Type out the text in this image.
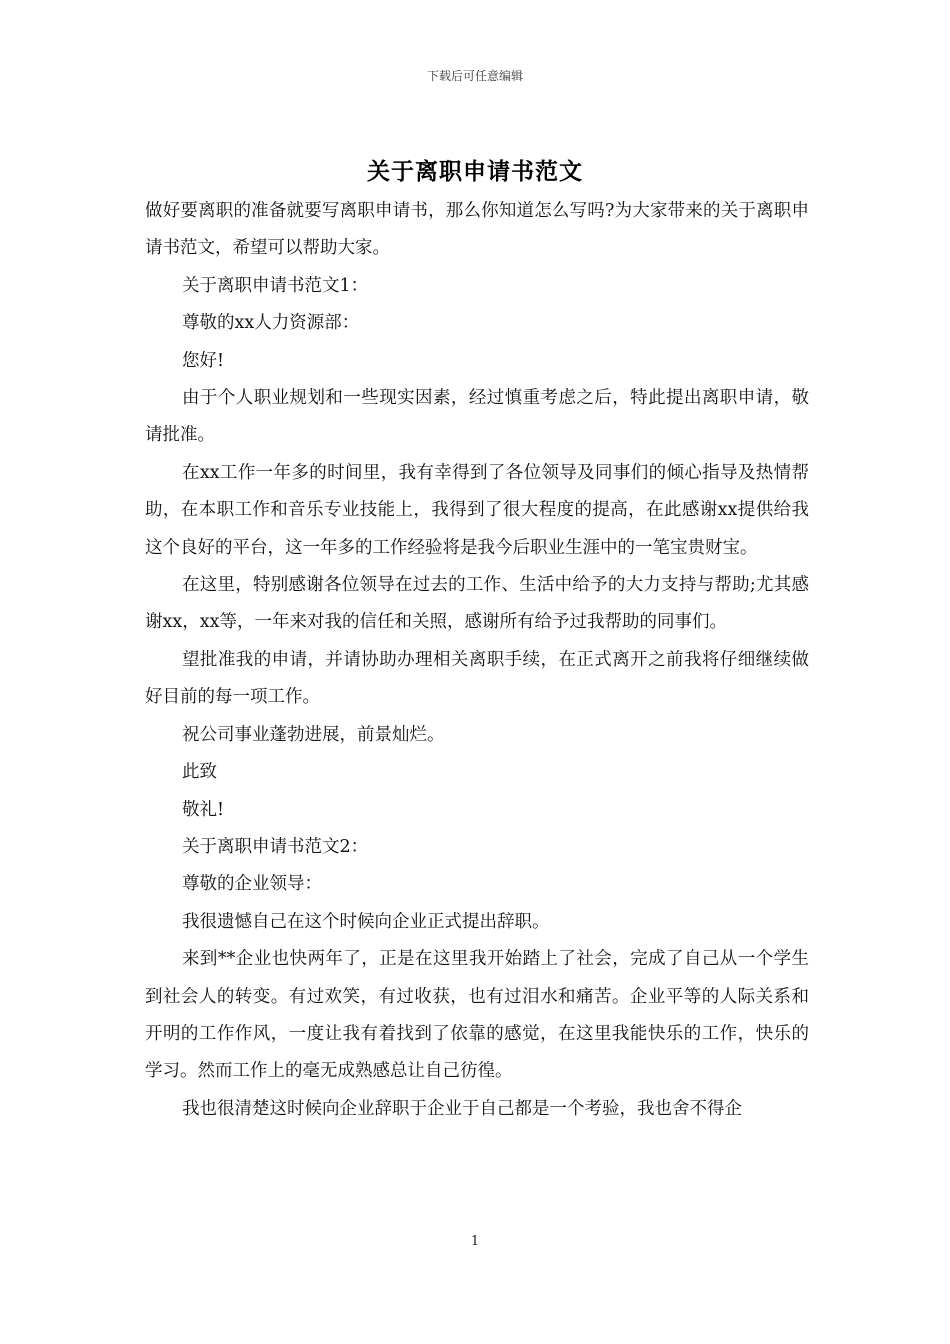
下载后可任意编辑
关于离职申请书范文

做好要离职的准备就要写离职申请书，那么你知道怎么写吗?为大家带来的关于离职申请书范文，希望可以帮助大家。

关于离职申请书范文1：

尊敬的xx人力资源部：

您好!

由于个人职业规划和一些现实因素，经过慎重考虑之后，特此提出离职申请，敬请批准。

在xx工作一年多的时间里，我有幸得到了各位领导及同事们的倾心指导及热情帮助，在本职工作和音乐专业技能上，我得到了很大程度的提高，在此感谢xx提供给我这个良好的平台，这一年多的工作经验将是我今后职业生涯中的一笔宝贵财宝。

在这里，特别感谢各位领导在过去的工作、生活中给予的大力支持与帮助;尤其感谢xx，xx等，一年来对我的信任和关照，感谢所有给予过我帮助的同事们。

望批准我的申请，并请协助办理相关离职手续，在正式离开之前我将仔细继续做好目前的每一项工作。

祝公司事业蓬勃进展，前景灿烂。

此致

敬礼!

关于离职申请书范文2：

尊敬的企业领导：

我很遗憾自己在这个时候向企业正式提出辞职。

来到**企业也快两年了，正是在这里我开始踏上了社会，完成了自己从一个学生到社会人的转变。有过欢笑，有过收获，也有过泪水和痛苦。企业平等的人际关系和开明的工作作风，一度让我有着找到了依靠的感觉，在这里我能快乐的工作，快乐的学习。然而工作上的毫无成熟感总让自己彷徨。

我也很清楚这时候向企业辞职于企业于自己都是一个考验，我也舍不得企

1
